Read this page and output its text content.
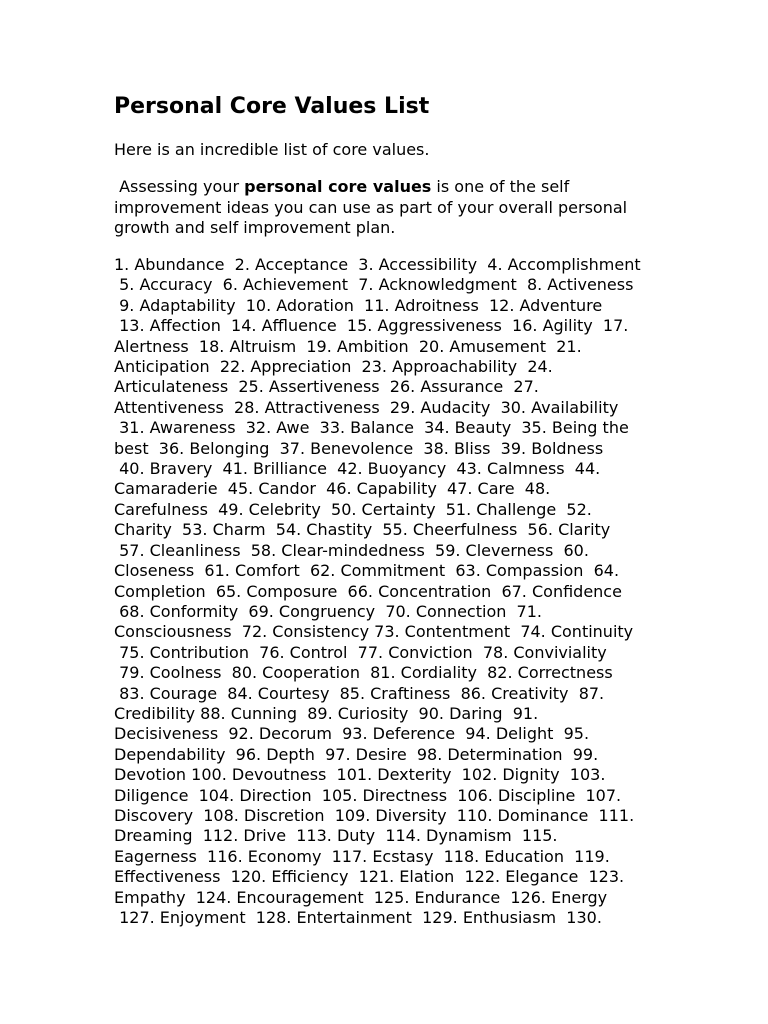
Personal Core Values List

Here is an incredible list of core values.

Assessing your personal core values is one of the self
improvement ideas you can use as part of your overall personal
growth and self improvement plan.

1. Abundance  2. Acceptance  3. Accessibility  4. Accomplishment
5. Accuracy  6. Achievement  7. Acknowledgment  8. Activeness
9. Adaptability  10. Adoration  11. Adroitness  12. Adventure
13. Affection  14. Affluence  15. Aggressiveness  16. Agility  17.
Alertness  18. Altruism  19. Ambition  20. Amusement  21.
Anticipation  22. Appreciation  23. Approachability  24.
Articulateness  25. Assertiveness  26. Assurance  27.
Attentiveness  28. Attractiveness  29. Audacity  30. Availability
31. Awareness  32. Awe  33. Balance  34. Beauty  35. Being the
best  36. Belonging  37. Benevolence  38. Bliss  39. Boldness
40. Bravery  41. Brilliance  42. Buoyancy  43. Calmness  44.
Camaraderie  45. Candor  46. Capability  47. Care  48.
Carefulness  49. Celebrity  50. Certainty  51. Challenge  52.
Charity  53. Charm  54. Chastity  55. Cheerfulness  56. Clarity
57. Cleanliness  58. Clear-mindedness  59. Cleverness  60.
Closeness  61. Comfort  62. Commitment  63. Compassion  64.
Completion  65. Composure  66. Concentration  67. Confidence
68. Conformity  69. Congruency  70. Connection  71.
Consciousness  72. Consistency 73. Contentment  74. Continuity
75. Contribution  76. Control  77. Conviction  78. Conviviality
79. Coolness  80. Cooperation  81. Cordiality  82. Correctness
83. Courage  84. Courtesy  85. Craftiness  86. Creativity  87.
Credibility 88. Cunning  89. Curiosity  90. Daring  91.
Decisiveness  92. Decorum  93. Deference  94. Delight  95.
Dependability  96. Depth  97. Desire  98. Determination  99.
Devotion 100. Devoutness  101. Dexterity  102. Dignity  103.
Diligence  104. Direction  105. Directness  106. Discipline  107.
Discovery  108. Discretion  109. Diversity  110. Dominance  111.
Dreaming  112. Drive  113. Duty  114. Dynamism  115.
Eagerness  116. Economy  117. Ecstasy  118. Education  119.
Effectiveness  120. Efficiency  121. Elation  122. Elegance  123.
Empathy  124. Encouragement  125. Endurance  126. Energy
127. Enjoyment  128. Entertainment  129. Enthusiasm  130.
